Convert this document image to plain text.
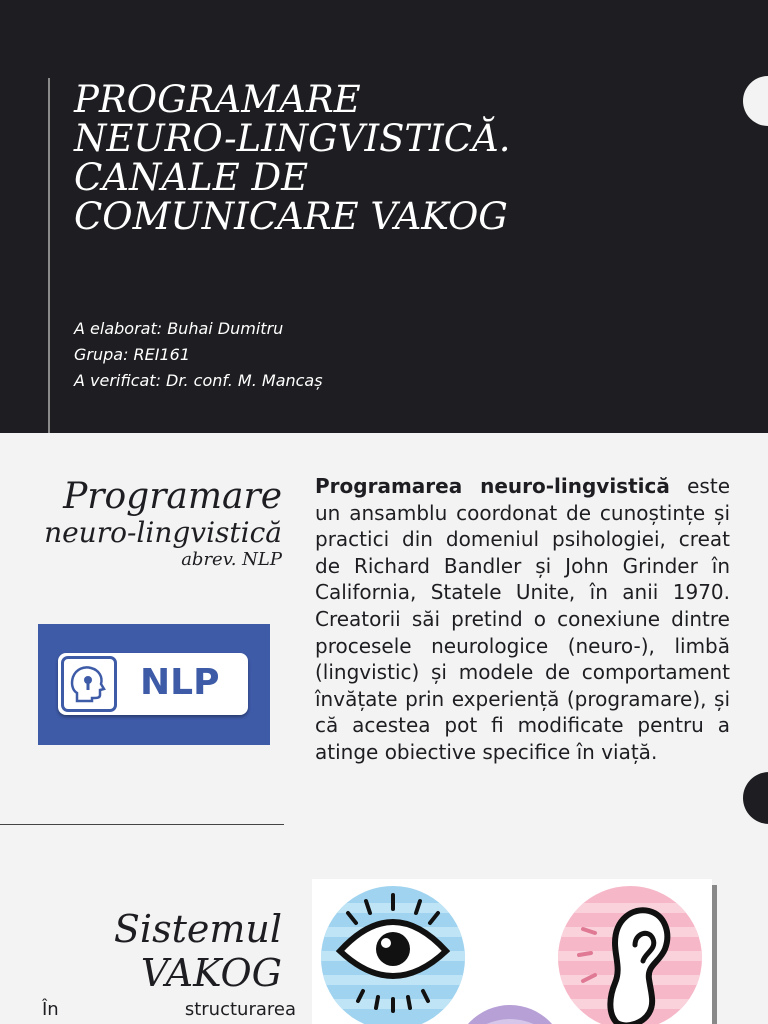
PROGRAMARE
NEURO-LINGVISTICĂ.
CANALE DE
COMUNICARE VAKOG
A elaborat: Buhai Dumitru
Grupa: REI161
A verificat: Dr. conf. M. Mancaș
Programare
neuro-lingvistică
abrev. NLP
NLP

Programarea neuro-lingvistică este un ansamblu coordonat de cunoștințe și practici din domeniul psihologiei, creat de Richard Bandler și John Grinder în California, Statele Unite, în anii 1970. Creatorii săi pretind o conexiune dintre procesele neurologice (neuro-), limbă (lingvistic) și modele de comportament învățate prin experiență (programare), și că acestea pot fi modificate pentru a atinge obiective specifice în viață.

Sistemul
VAKOG
În	structurarea
